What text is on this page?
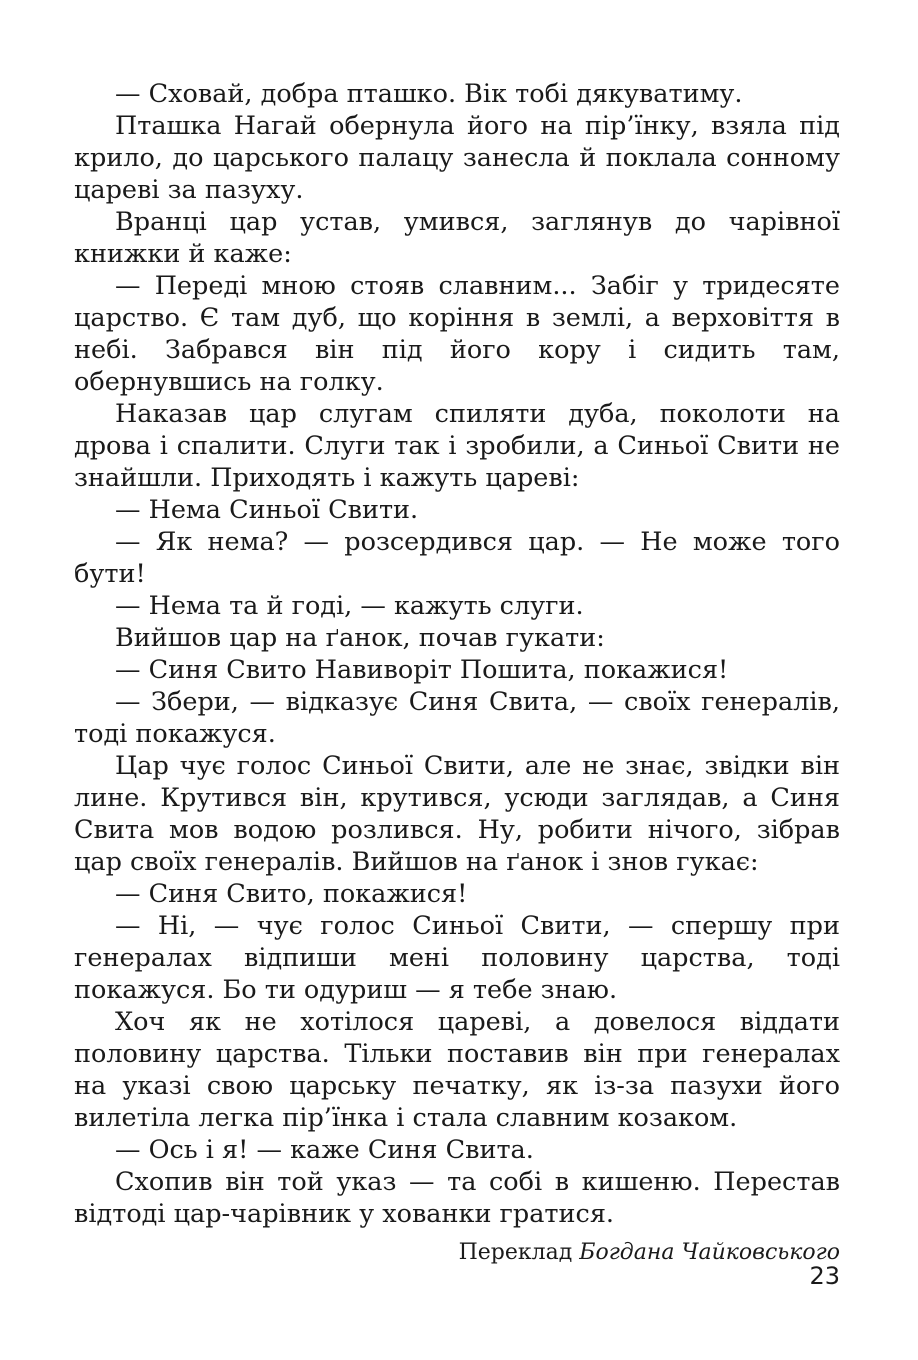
— Сховай, добра пташко. Вік тобі дякуватиму.

Пташка Нагай обернула його на пір’їнку, взяла під крило, до царського палацу занесла й поклала сонному цареві за пазуху.

Вранці цар устав, умився, заглянув до чарівної книжки й каже:

— Переді мною стояв славним... Забіг у тридесяте царство. Є там дуб, що коріння в землі, а верховіття в небі. Забрався він під його кору і сидить там, обернувшись на голку.

Наказав цар слугам спиляти дуба, поколоти на дрова і спалити. Слуги так і зробили, а Синьої Свити не знайшли. Приходять і кажуть цареві:

— Нема Синьої Свити.

— Як нема? — розсердився цар. — Не може того бути!

— Нема та й годі, — кажуть слуги.

Вийшов цар на ґанок, почав гукати:

— Синя Свито Навиворіт Пошита, покажися!

— Збери, — відказує Синя Свита, — своїх генералів, тоді покажуся.

Цар чує голос Синьої Свити, але не знає, звідки він лине. Крутився він, крутився, усюди заглядав, а Синя Свита мов водою розлився. Ну, робити нічого, зібрав цар своїх генералів. Вийшов на ґанок і знов гукає:

— Синя Свито, покажися!

— Ні, — чує голос Синьої Свити, — спершу при генералах відпиши мені половину царства, тоді покажуся. Бо ти одуриш — я тебе знаю.

Хоч як не хотілося цареві, а довелося віддати половину царства. Тільки поставив він при генералах на указі свою царську печатку, як із-за пазухи його вилетіла легка пір’їнка і стала славним козаком.

— Ось і я! — каже Синя Свита.

Схопив він той указ — та собі в кишеню. Перестав відтоді цар-чарівник у хованки гратися.

Переклад Богдана Чайковського
23
